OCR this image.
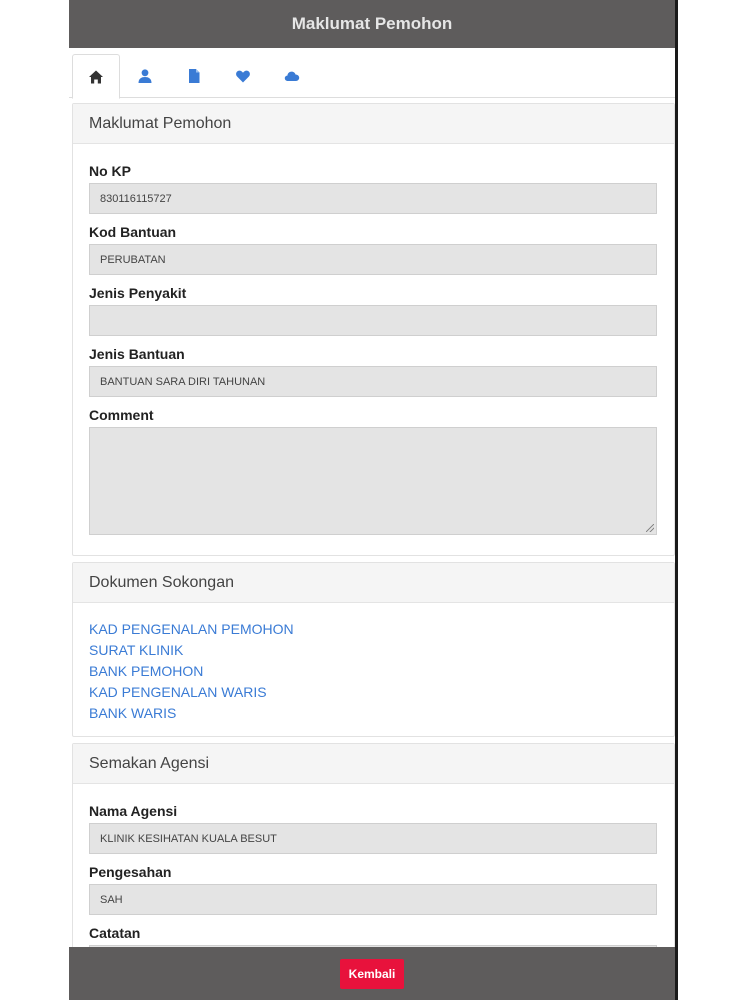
Maklumat Pemohon
Maklumat Pemohon
No KP
830116115727
Kod Bantuan
PERUBATAN
Jenis Penyakit
Jenis Bantuan
BANTUAN SARA DIRI TAHUNAN
Comment
Dokumen Sokongan
KAD PENGENALAN PEMOHON
SURAT KLINIK
BANK PEMOHON
KAD PENGENALAN WARIS
BANK WARIS
Semakan Agensi
Nama Agensi
KLINIK KESIHATAN KUALA BESUT
Pengesahan
SAH
Catatan
Kembali
